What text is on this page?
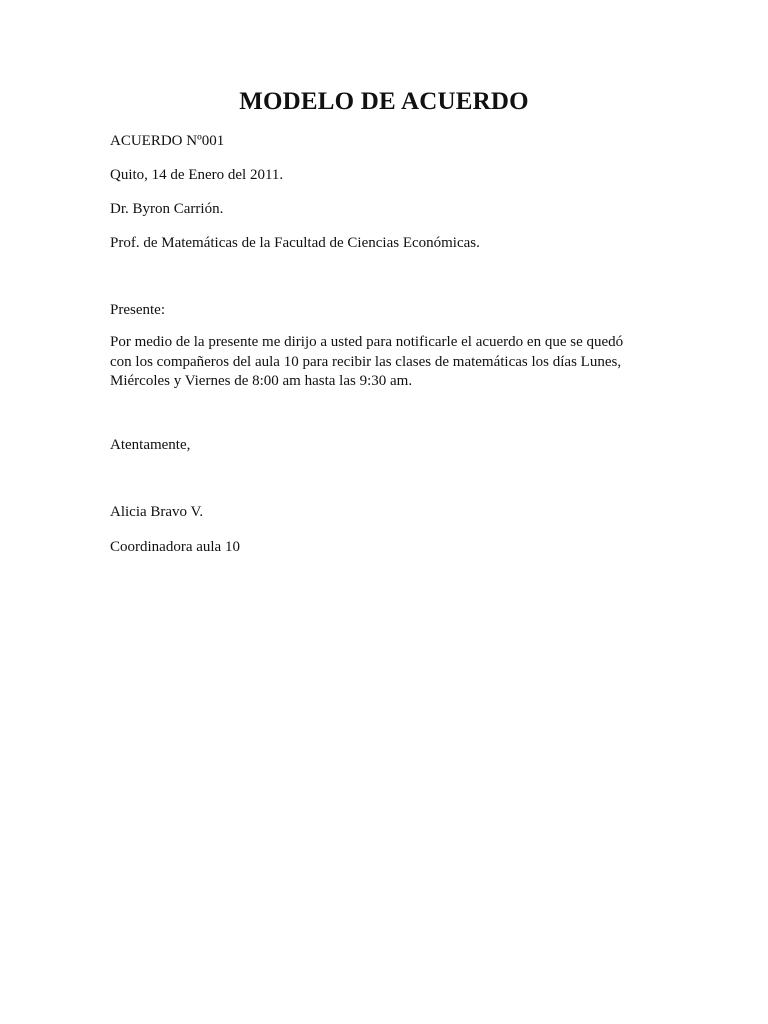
MODELO DE ACUERDO

ACUERDO Nº001

Quito, 14 de Enero del 2011.

Dr. Byron Carrión.

Prof. de Matemáticas de la Facultad de Ciencias Económicas.

Presente:

Por medio de la presente me dirijo a usted para notificarle el acuerdo en que se quedó
con los compañeros del aula 10 para recibir las clases de matemáticas los días Lunes,
Miércoles y Viernes de 8:00 am hasta las 9:30 am.

Atentamente,

Alicia Bravo V.

Coordinadora aula 10
